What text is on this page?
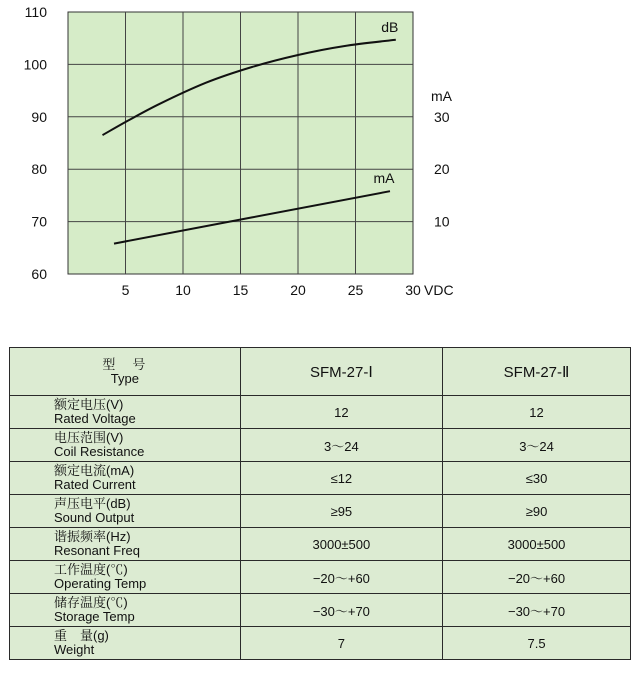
5	10	15	20	25	30
60
70
80
90
100
110
10
20
30
dB
mA
VDC
mA
型　号
Type	SFM-27-Ⅰ	SFM-27-Ⅱ

额定电压(V)
Rated Voltage	12	12

电压范围(V)
Coil Resistance	3～24	3～24

额定电流(mA)
Rated Current	≤12	≤30

声压电平(dB)
Sound Output	≥95	≥90

谐振频率(Hz)
Resonant Freq	3000±500	3000±500

工作温度(℃)
Operating Temp	−20～+60	−20～+60

储存温度(℃)
Storage Temp	−30～+70	−30～+70

重　量(g)
Weight	7	7.5
